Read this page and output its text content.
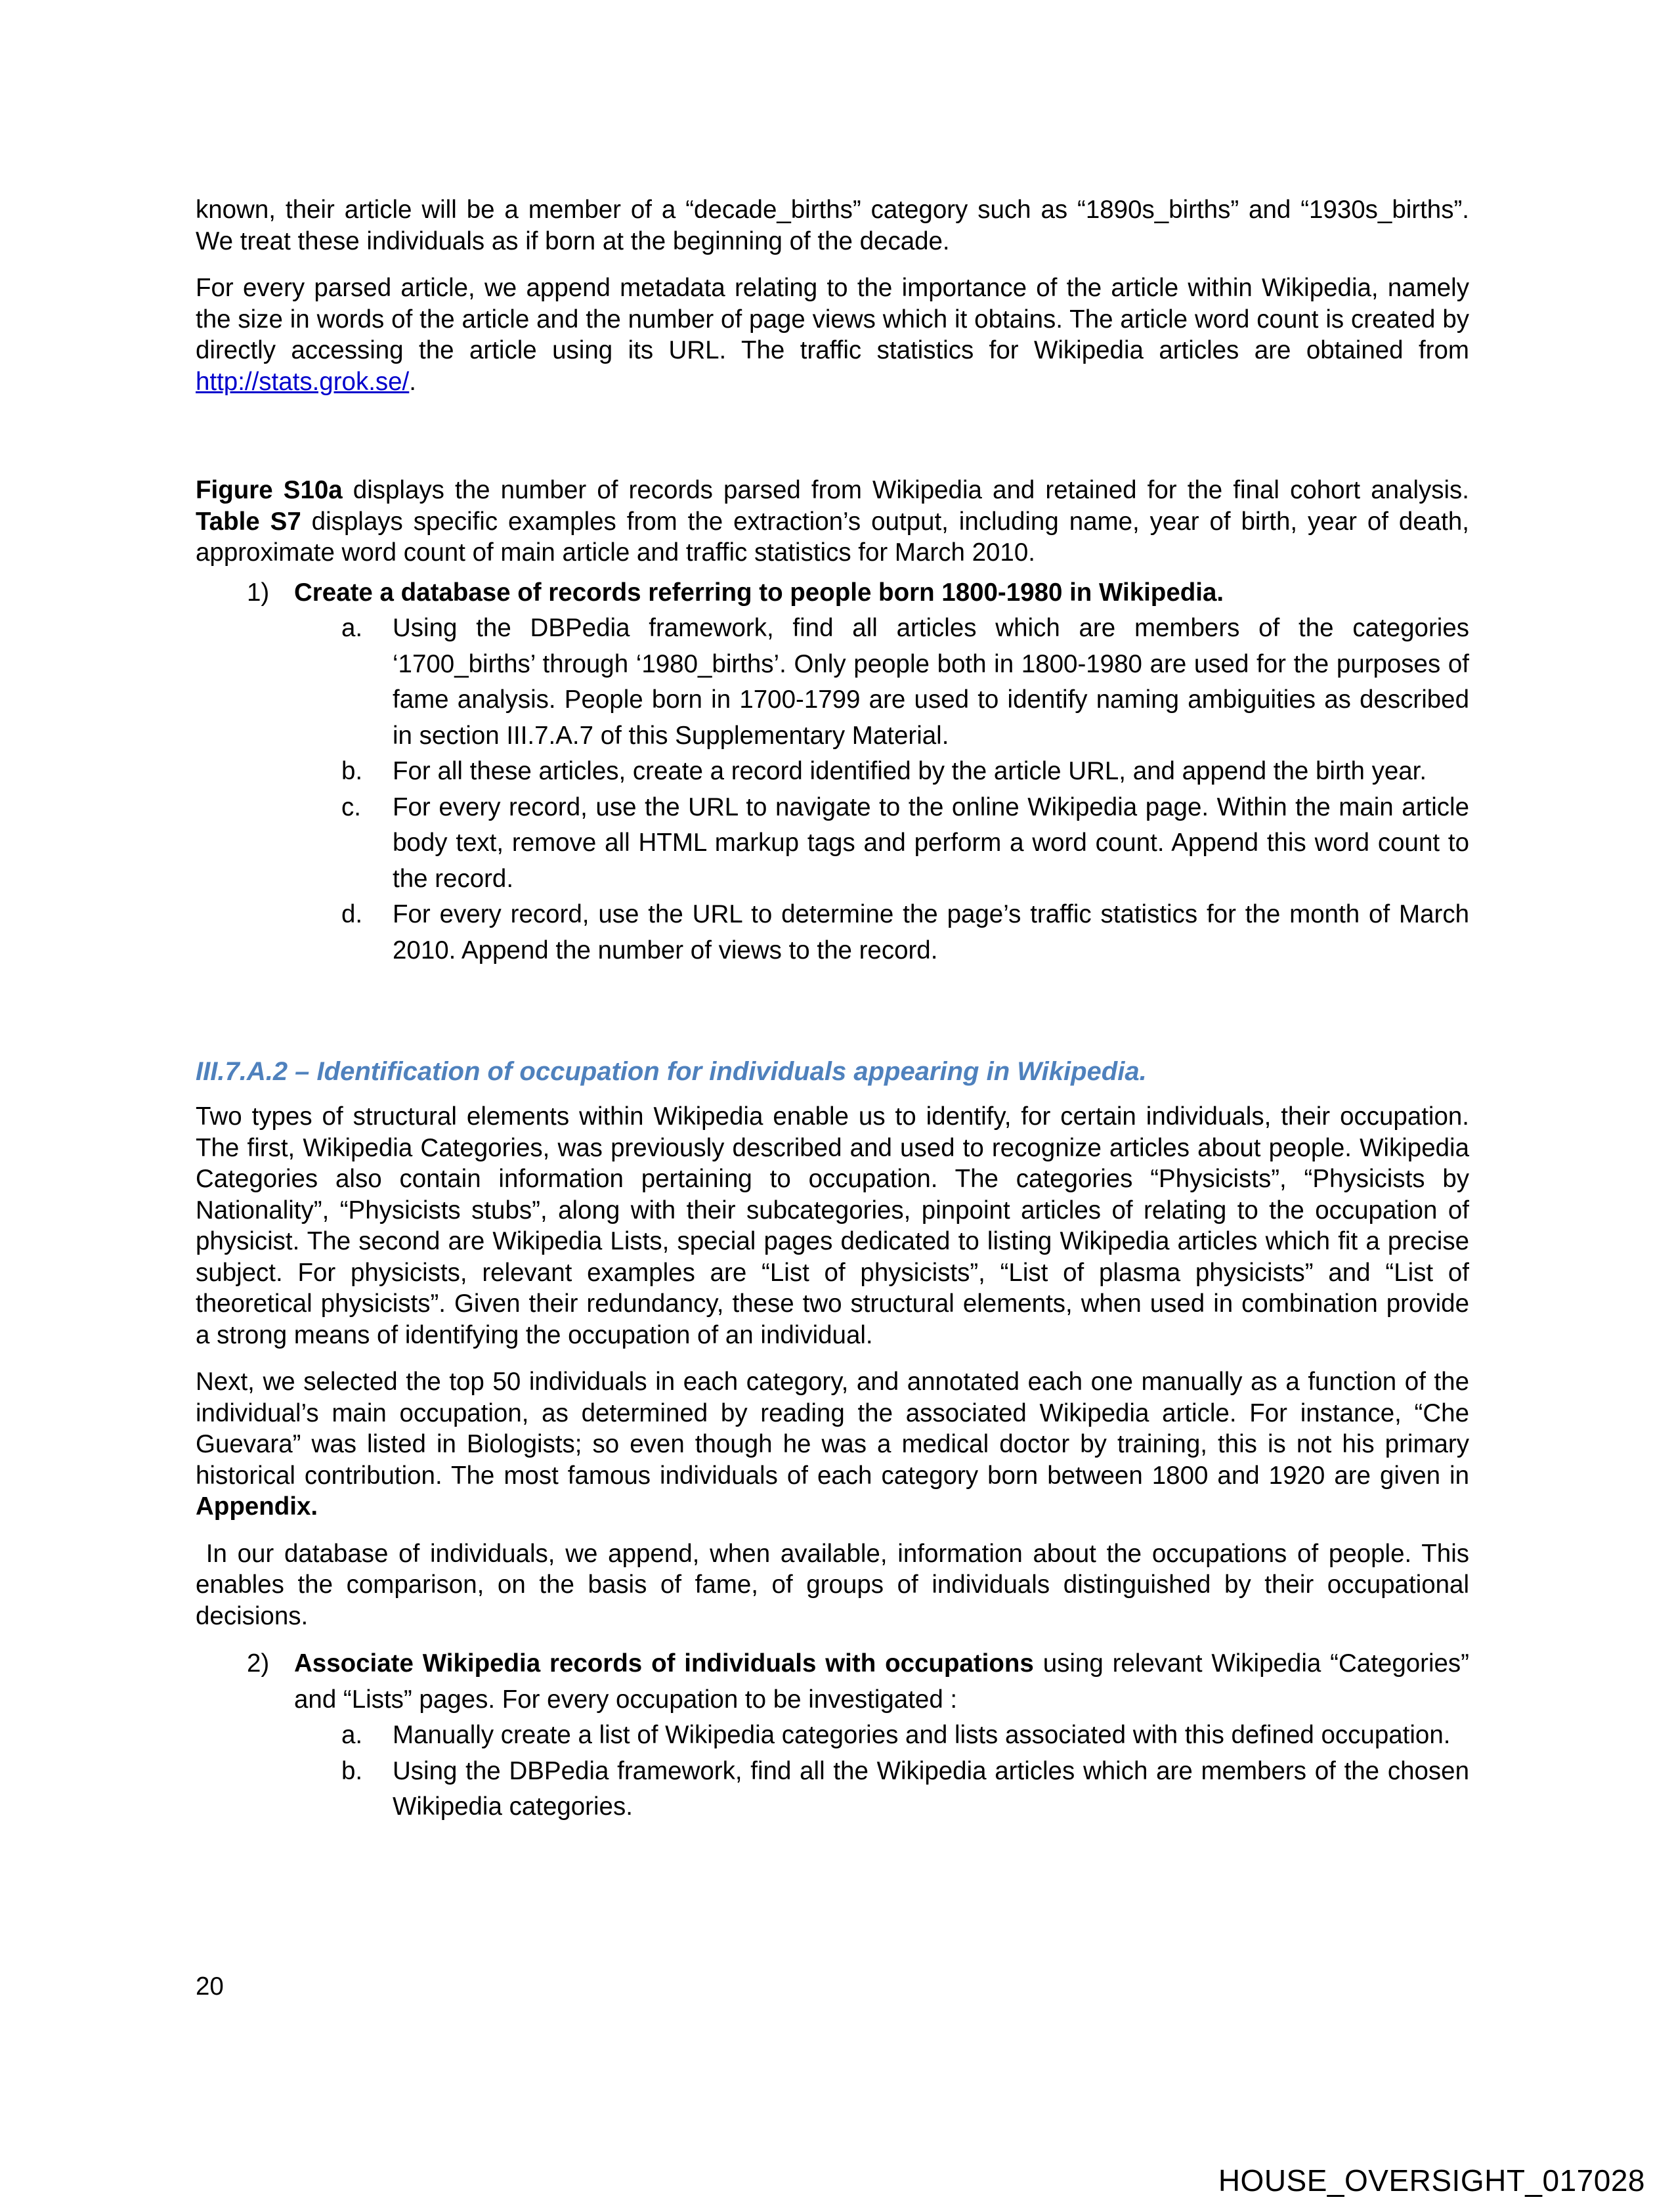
known, their article will be a member of a “decade_births” category such as “1890s_births” and “1930s_births”. We treat these individuals as if born at the beginning of the decade.

For every parsed article, we append metadata relating to the importance of the article within Wikipedia, namely the size in words of the article and the number of page views which it obtains. The article word count is created by directly accessing the article using its URL. The traffic statistics for Wikipedia articles are obtained from http://stats.grok.se/.

Figure S10a displays the number of records parsed from Wikipedia and retained for the final cohort analysis. Table S7 displays specific examples from the extraction’s output, including name, year of birth, year of death, approximate word count of main article and traffic statistics for March 2010.

1) Create a database of records referring to people born 1800-1980 in Wikipedia.
a. Using the DBPedia framework, find all articles which are members of the categories ‘1700_births’ through ‘1980_births’. Only people both in 1800-1980 are used for the purposes of fame analysis. People born in 1700-1799 are used to identify naming ambiguities as described in section III.7.A.7 of this Supplementary Material.
b. For all these articles, create a record identified by the article URL, and append the birth year.
c. For every record, use the URL to navigate to the online Wikipedia page. Within the main article body text, remove all HTML markup tags and perform a word count. Append this word count to the record.
d. For every record, use the URL to determine the page’s traffic statistics for the month of March 2010. Append the number of views to the record.
III.7.A.2 – Identification of occupation for individuals appearing in Wikipedia.

Two types of structural elements within Wikipedia enable us to identify, for certain individuals, their occupation. The first, Wikipedia Categories, was previously described and used to recognize articles about people. Wikipedia Categories also contain information pertaining to occupation. The categories “Physicists”, “Physicists by Nationality”, “Physicists stubs”, along with their subcategories, pinpoint articles of relating to the occupation of physicist. The second are Wikipedia Lists, special pages dedicated to listing Wikipedia articles which fit a precise subject. For physicists, relevant examples are “List of physicists”, “List of plasma physicists” and “List of theoretical physicists”. Given their redundancy, these two structural elements, when used in combination provide a strong means of identifying the occupation of an individual.

Next, we selected the top 50 individuals in each category, and annotated each one manually as a function of the individual’s main occupation, as determined by reading the associated Wikipedia article. For instance, “Che Guevara” was listed in Biologists; so even though he was a medical doctor by training, this is not his primary historical contribution. The most famous individuals of each category born between 1800 and 1920 are given in Appendix.

In our database of individuals, we append, when available, information about the occupations of people. This enables the comparison, on the basis of fame, of groups of individuals distinguished by their occupational decisions.

2) Associate Wikipedia records of individuals with occupations using relevant Wikipedia “Categories” and “Lists” pages. For every occupation to be investigated :
a. Manually create a list of Wikipedia categories and lists associated with this defined occupation.
b. Using the DBPedia framework, find all the Wikipedia articles which are members of the chosen Wikipedia categories.
20
HOUSE_OVERSIGHT_017028
